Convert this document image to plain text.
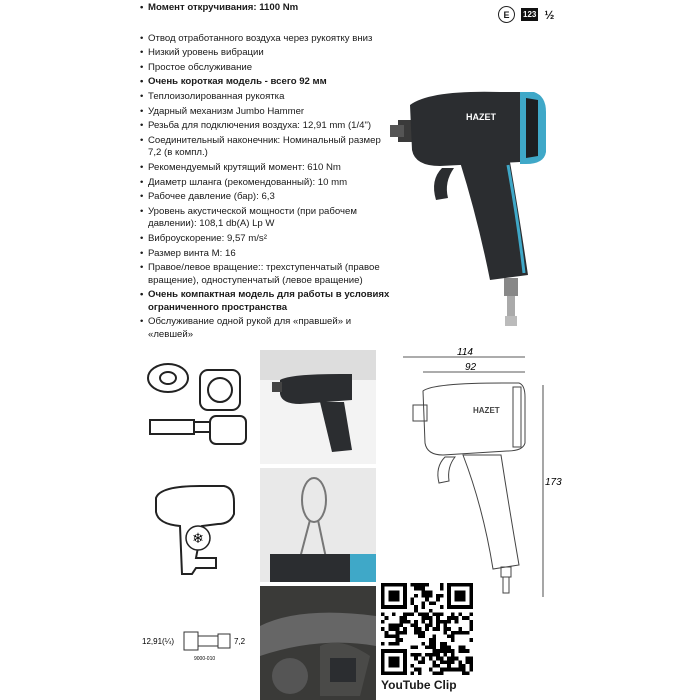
E	123 ½
• Момент откручивания: 1100 Nm
• Отвод отработанного воздуха через рукоятку вниз
• Низкий уровень вибрации
• Простое обслуживание
• Очень короткая модель - всего 92 мм
• Теплоизолированная рукоятка
• Ударный механизм Jumbo Hammer
• Резьба для подключения воздуха: 12,91 mm (1/4")
• Соединительный наконечник: Номинальный размер 7,2 (в компл.)
• Рекомендуемый крутящий момент: 610 Nm
• Диаметр шланга (рекомендованный): 10 mm
• Рабочее давление (бар): 6,3
• Уровень акустической мощности (при рабочем давлении): 108,1 db(A) Lp W
• Виброускорение: 9,57 m/s²
• Размер винта M: 16
• Правое/левое вращение:: трехступенчатый (правое вращение), одноступенчатый (левое вращение)
• Очень компактная модель для работы в условиях ограниченного пространства
• Обслуживание одной рукой для «правшей» и «левшей»
HAZET
❄
12,91(¼)	7,2
9000-010
114
92
173
HAZET
YouTube Clip
